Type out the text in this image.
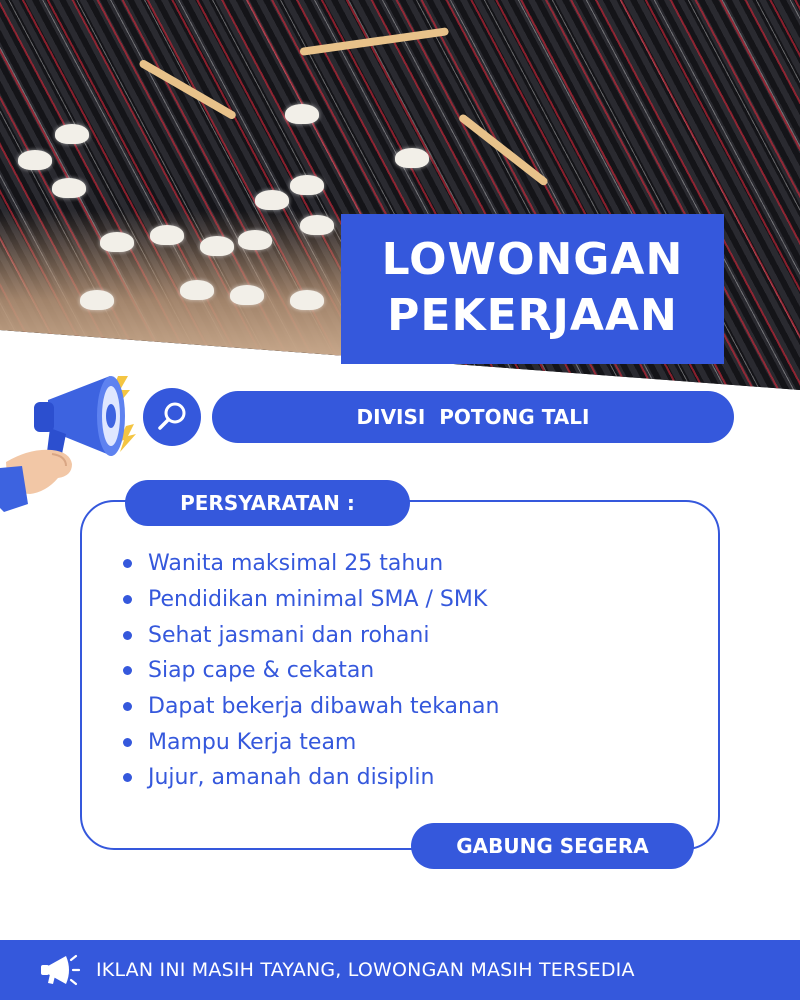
LOWONGAN
PEKERJAAN
DIVISI  POTONG TALI
PERSYARATAN :
Wanita maksimal 25 tahun
Pendidikan minimal SMA / SMK
Sehat jasmani dan rohani
Siap cape & cekatan
Dapat bekerja dibawah tekanan
Mampu Kerja team
Jujur, amanah dan disiplin
GABUNG SEGERA
IKLAN INI MASIH TAYANG, LOWONGAN MASIH TERSEDIA
